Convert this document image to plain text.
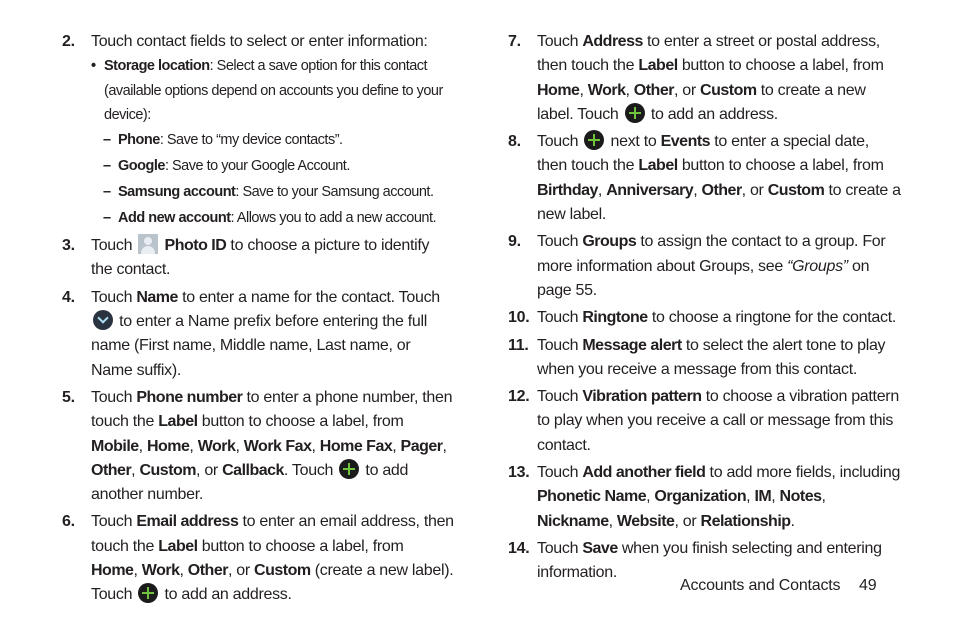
2. Touch contact fields to select or enter information:
• Storage location: Select a save option for this contact (available options depend on accounts you define to your device):
– Phone: Save to “my device contacts”.
– Google: Save to your Google Account.
– Samsung account: Save to your Samsung account.
– Add new account: Allows you to add a new account.
3. Touch Photo ID to choose a picture to identify the contact.
4. Touch Name to enter a name for the contact. Touch  to enter a Name prefix before entering the full name (First name, Middle name, Last name, or Name suffix).
5. Touch Phone number to enter a phone number, then touch the Label button to choose a label, from Mobile, Home, Work, Work Fax, Home Fax, Pager, Other, Custom, or Callback. Touch  to add another number.
6. Touch Email address to enter an email address, then touch the Label button to choose a label, from Home, Work, Other, or Custom (create a new label). Touch  to add an address.
7. Touch Address to enter a street or postal address, then touch the Label button to choose a label, from Home, Work, Other, or Custom to create a new label. Touch  to add an address.
8. Touch  next to Events to enter a special date, then touch the Label button to choose a label, from Birthday, Anniversary, Other, or Custom to create a new label.
9. Touch Groups to assign the contact to a group. For more information about Groups, see “Groups” on page 55.
10. Touch Ringtone to choose a ringtone for the contact.
11. Touch Message alert to select the alert tone to play when you receive a message from this contact.
12. Touch Vibration pattern to choose a vibration pattern to play when you receive a call or message from this contact.
13. Touch Add another field to add more fields, including Phonetic Name, Organization, IM, Notes, Nickname, Website, or Relationship.
14. Touch Save when you finish selecting and entering information.
Accounts and Contacts 49
